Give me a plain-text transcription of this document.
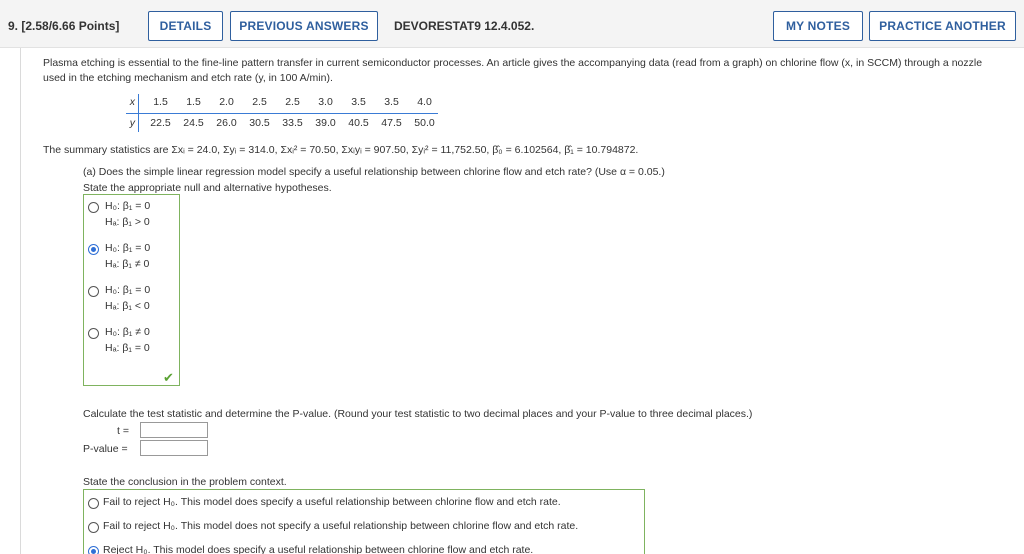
9. [2.58/6.66 Points]	DETAILS	PREVIOUS ANSWERS	DEVORESTAT9 12.4.052.	MY NOTES	PRACTICE ANOTHER
Plasma etching is essential to the fine-line pattern transfer in current semiconductor processes. An article gives the accompanying data (read from a graph) on chlorine flow (x, in SCCM) through a nozzle used in the etching mechanism and etch rate (y, in 100 A/min).
x	1.5	1.5	2.0	2.5	2.5	3.0	3.5	3.5	4.0
y	22.5	24.5	26.0	30.5	33.5	39.0	40.5	47.5	50.0
The summary statistics are Σxᵢ = 24.0, Σyᵢ = 314.0, Σxᵢ² = 70.50, Σxᵢyᵢ = 907.50, Σyᵢ² = 11,752.50, β̂₀ = 6.102564, β̂₁ = 10.794872.
(a) Does the simple linear regression model specify a useful relationship between chlorine flow and etch rate? (Use α = 0.05.)
State the appropriate null and alternative hypotheses.
H₀: β₁ = 0
Hₐ: β₁ > 0
H₀: β₁ = 0
Hₐ: β₁ ≠ 0
H₀: β₁ = 0
Hₐ: β₁ < 0
H₀: β₁ ≠ 0
Hₐ: β₁ = 0
✔
Calculate the test statistic and determine the P-value. (Round your test statistic to two decimal places and your P-value to three decimal places.)
t =
P-value =
State the conclusion in the problem context.
Fail to reject H₀. This model does specify a useful relationship between chlorine flow and etch rate.
Fail to reject H₀. This model does not specify a useful relationship between chlorine flow and etch rate.
Reject H₀. This model does specify a useful relationship between chlorine flow and etch rate.
